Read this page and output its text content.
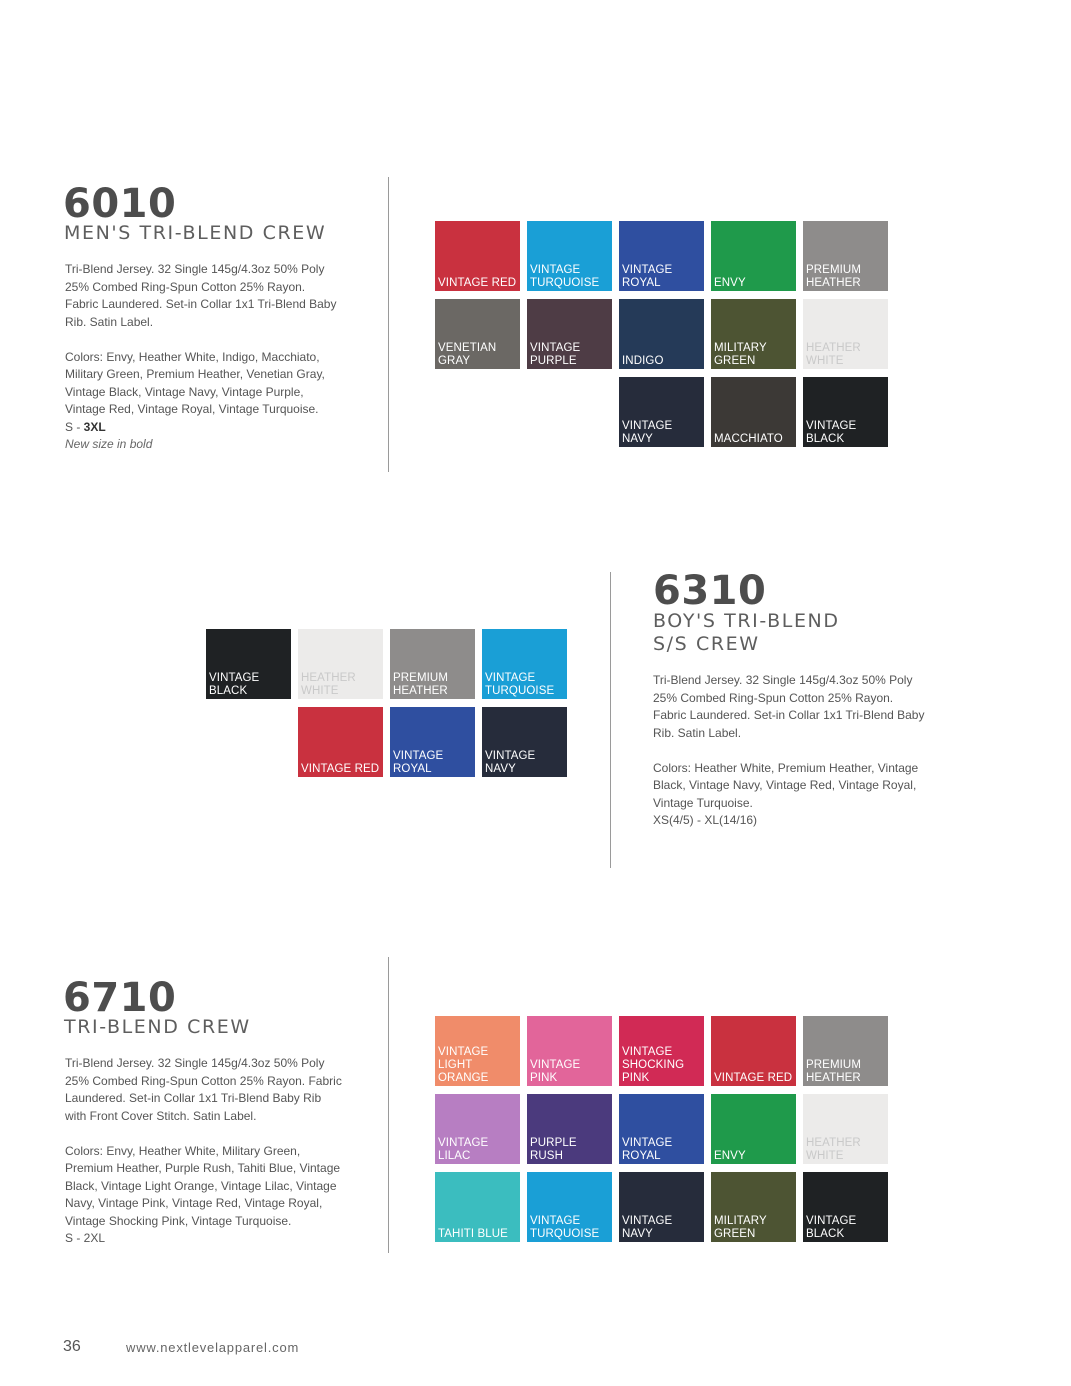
6010
MEN'S TRI-BLEND CREW

Tri-Blend Jersey. 32 Single 145g/4.3oz 50% Poly

25% Combed Ring-Spun Cotton 25% Rayon.

Fabric Laundered. Set-in Collar 1x1 Tri-Blend Baby

Rib. Satin Label.

Colors: Envy, Heather White, Indigo, Macchiato,

Military Green, Premium Heather, Venetian Gray,

Vintage Black, Vintage Navy, Vintage Purple,

Vintage Red, Vintage Royal, Vintage Turquoise.

S - 3XL

New size in bold

VINTAGE RED
VINTAGE TURQUOISE
VINTAGE ROYAL	ENVY
PREMIUM HEATHER
VENETIAN GRAY
VINTAGE PURPLE	INDIGO
MILITARY GREEN
HEATHER WHITE
VINTAGE NAVY	MACCHIATO
VINTAGE BLACK
VINTAGE BLACK
HEATHER WHITE
PREMIUM HEATHER
VINTAGE TURQUOISE
VINTAGE RED
VINTAGE ROYAL
VINTAGE NAVY
6310
BOY'S TRI-BLEND
S/S CREW

Tri-Blend Jersey. 32 Single 145g/4.3oz 50% Poly

25% Combed Ring-Spun Cotton 25% Rayon.

Fabric Laundered. Set-in Collar 1x1 Tri-Blend Baby

Rib. Satin Label.

Colors: Heather White, Premium Heather, Vintage

Black, Vintage Navy, Vintage Red, Vintage Royal,

Vintage Turquoise.

XS(4/5) - XL(14/16)

6710
TRI-BLEND CREW

Tri-Blend Jersey. 32 Single 145g/4.3oz 50% Poly

25% Combed Ring-Spun Cotton 25% Rayon. Fabric

Laundered. Set-in Collar 1x1 Tri-Blend Baby Rib

with Front Cover Stitch. Satin Label.

Colors: Envy, Heather White, Military Green,

Premium Heather, Purple Rush, Tahiti Blue, Vintage

Black, Vintage Light Orange, Vintage Lilac, Vintage

Navy, Vintage Pink, Vintage Red, Vintage Royal,

Vintage Shocking Pink, Vintage Turquoise.

S - 2XL

VINTAGE LIGHT ORANGE
VINTAGE PINK
VINTAGE SHOCKING PINK	VINTAGE RED
PREMIUM HEATHER
VINTAGE LILAC
PURPLE RUSH
VINTAGE ROYAL	ENVY
HEATHER WHITE
TAHITI BLUE
VINTAGE TURQUOISE
VINTAGE NAVY
MILITARY GREEN
VINTAGE BLACK
36	www.nextlevelapparel.com
